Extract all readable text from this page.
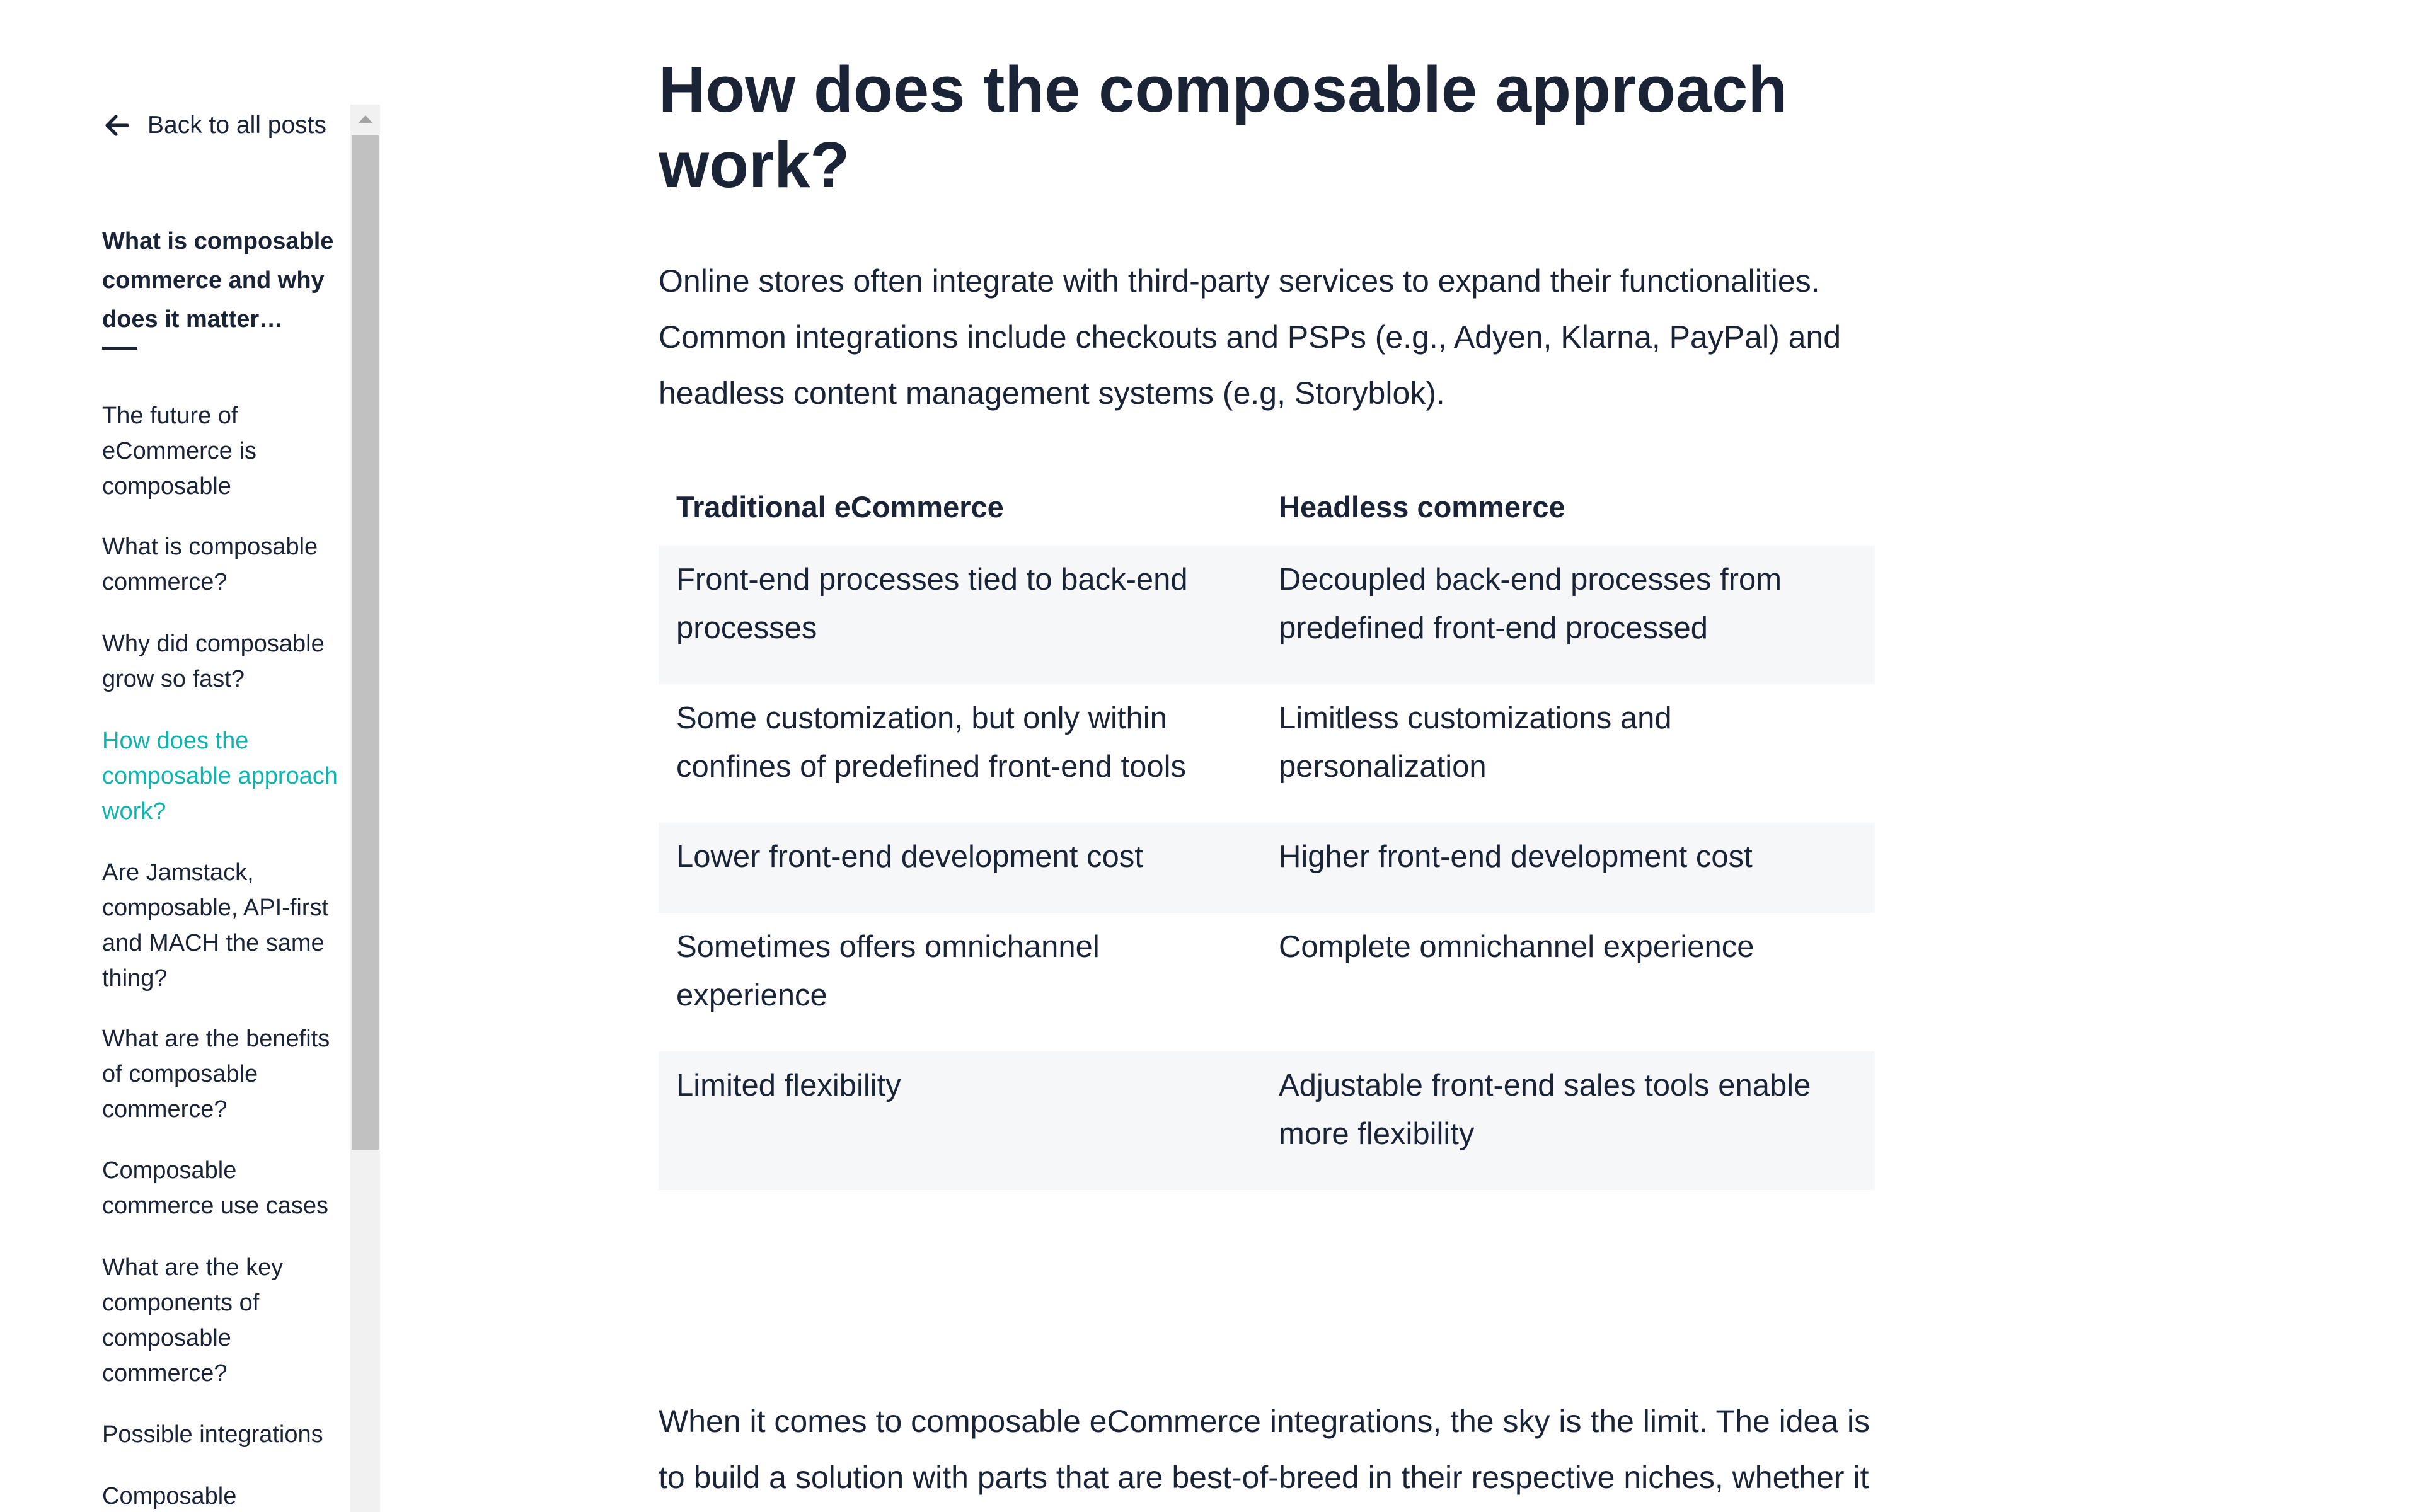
Back to all posts
What is composable commerce and why does it matter…
The future of eCommerce is composable
What is composable commerce?
Why did composable grow so fast?
How does the composable approach work?
Are Jamstack, composable, API-first and MACH the same thing?
What are the benefits of composable commerce?
Composable commerce use cases
What are the key components of composable commerce?
Possible integrations
Composable
How does the composable approach work?

Online stores often integrate with third-party services to expand their functionalities. Common integrations include checkouts and PSPs (e.g., Adyen, Klarna, PayPal) and headless content management systems (e.g, Storyblok).

Traditional eCommerce	Headless commerce
Front-end processes tied to back-end processes	Decoupled back-end processes from predefined front-end processed
Some customization, but only within confines of predefined front-end tools	Limitless customizations and personalization
Lower front-end development cost	Higher front-end development cost
Sometimes offers omnichannel experience	Complete omnichannel experience
Limited flexibility	Adjustable front-end sales tools enable more flexibility

When it comes to composable eCommerce integrations, the sky is the limit. The idea is to build a solution with parts that are best-of-breed in their respective niches, whether it
